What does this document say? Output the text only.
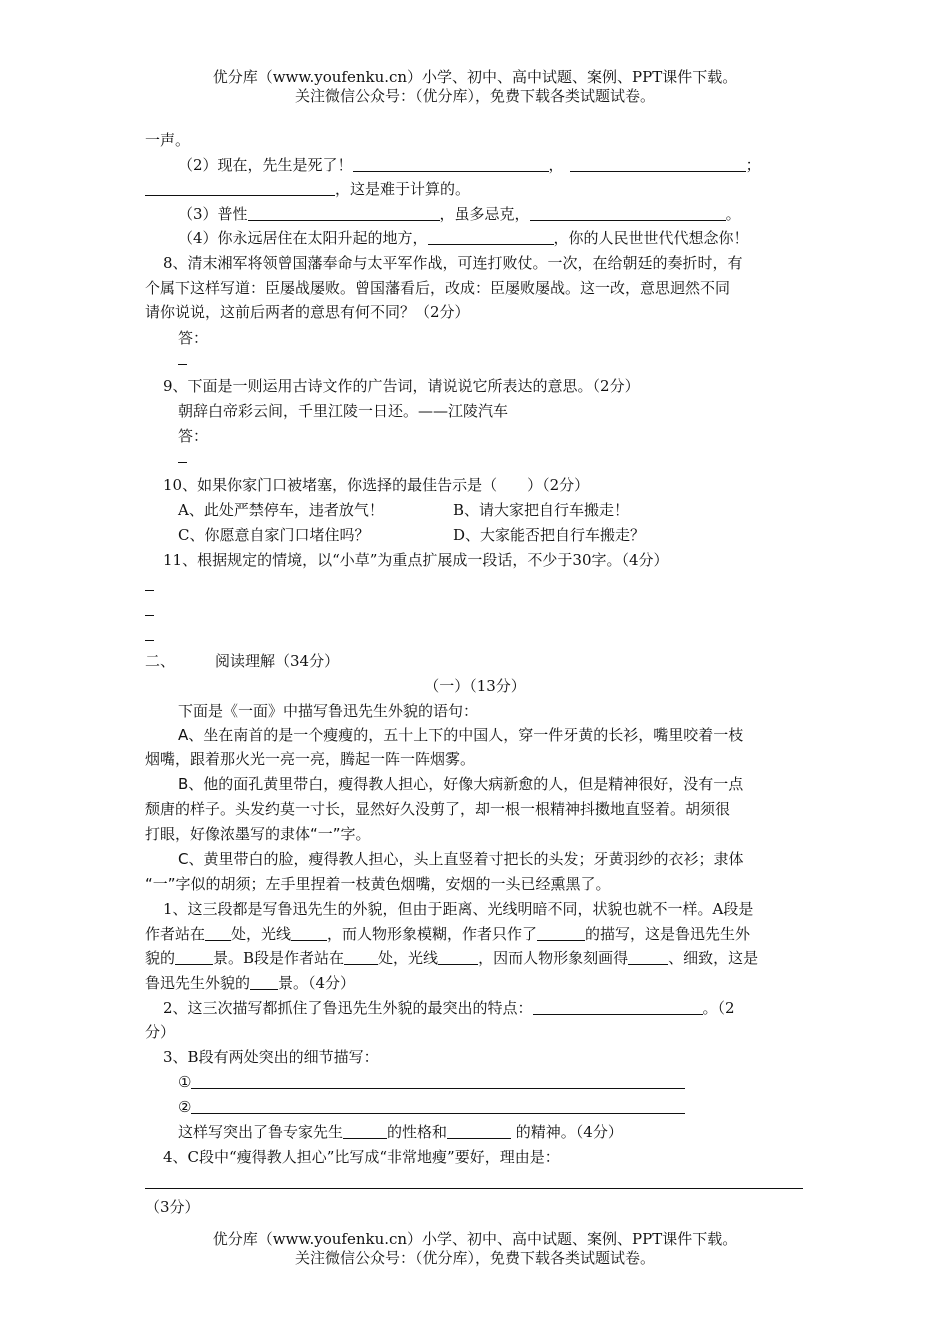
优分库（www.youfenku.cn）小学、初中、高中试题、案例、PPT课件下载。
关注微信公众号：（优分库），免费下载各类试题试卷。
一声。
（2）现在，先生是死了！	，	；
，这是难于计算的。
（3）普性	，虽多忌克，	。
（4）你永远居住在太阳升起的地方，	，你的人民世世代代想念你！
8、清末湘军将领曾国藩奉命与太平军作战，可连打败仗。一次，在给朝廷的奏折时，有
个属下这样写道：臣屡战屡败。曾国藩看后，改成：臣屡败屡战。这一改，意思迥然不同
请你说说，这前后两者的意思有何不同？（2分）
答：
9、下面是一则运用古诗文作的广告词，请说说它所表达的意思。（2分）
朝辞白帝彩云间，千里江陵一日还。——江陵汽车
答：
10、如果你家门口被堵塞，你选择的最佳告示是（　　）（2分）
A、此处严禁停车，违者放气！	B、请大家把自行车搬走！
C、你愿意自家门口堵住吗？	D、大家能否把自行车搬走？
11、根据规定的情境，以“小草”为重点扩展成一段话，不少于30字。（4分）
二、	阅读理解（34分）
（一）（13分）
下面是《一面》中描写鲁迅先生外貌的语句：
A、坐在南首的是一个瘦瘦的，五十上下的中国人，穿一件牙黄的长衫，嘴里咬着一枝
烟嘴，跟着那火光一亮一亮，腾起一阵一阵烟雾。
B、他的面孔黄里带白，瘦得教人担心，好像大病新愈的人，但是精神很好，没有一点
颓唐的样子。头发约莫一寸长，显然好久没剪了，却一根一根精神抖擞地直竖着。胡须很
打眼，好像浓墨写的隶体“一”字。
C、黄里带白的脸，瘦得教人担心，头上直竖着寸把长的头发；牙黄羽纱的衣衫；隶体
“一”字似的胡须；左手里捏着一枝黄色烟嘴，安烟的一头已经熏黑了。
1、这三段都是写鲁迅先生的外貌，但由于距离、光线明暗不同，状貌也就不一样。A段是
作者站在 处，光线 ，而人物形象模糊，作者只作了	的描写，这是鲁迅先生外
貌的	景。B段是作者站在 处，光线	，因而人物形象刻画得	、细致，这是
鲁迅先生外貌的 景。（4分）
2、这三次描写都抓住了鲁迅先生外貌的最突出的特点：	。（2
分）
3、B段有两处突出的细节描写：
①
②
这样写突出了鲁专家先生	的性格和	的精神。（4分）
4、C段中“瘦得教人担心”比写成“非常地瘦”要好，理由是：
（3分）
优分库（www.youfenku.cn）小学、初中、高中试题、案例、PPT课件下载。
关注微信公众号：（优分库），免费下载各类试题试卷。
